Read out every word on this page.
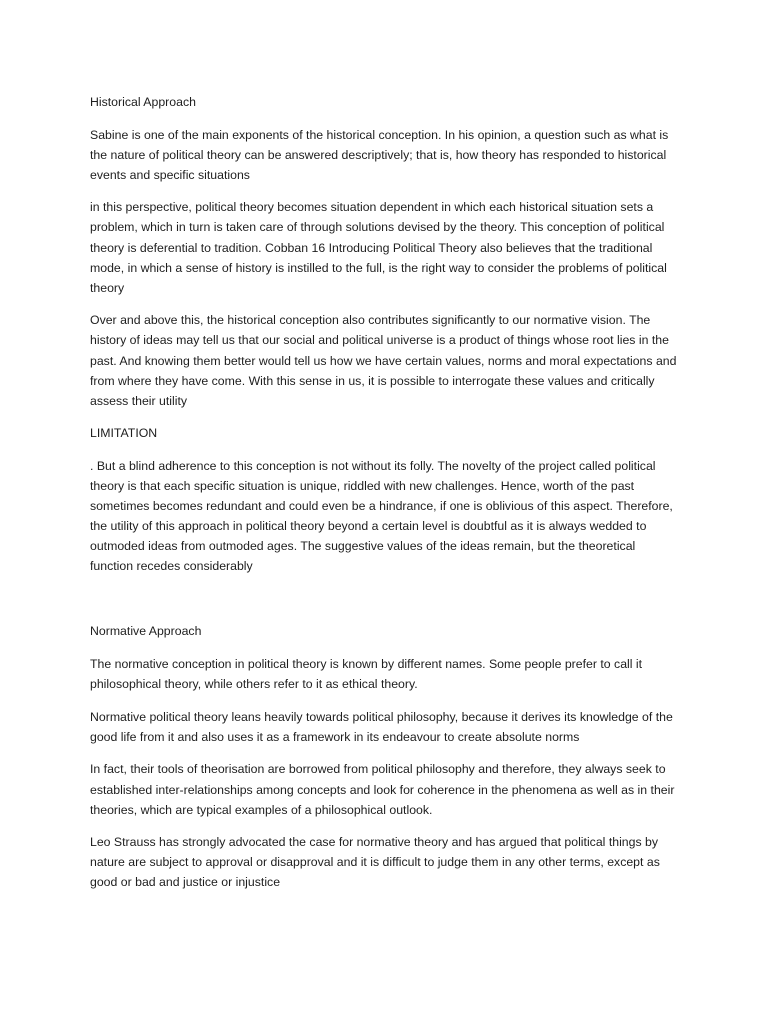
Historical Approach

Sabine is one of the main exponents of the historical conception. In his opinion, a question such as what is the nature of political theory can be answered descriptively; that is, how theory has responded to historical events and specific situations

in this perspective, political theory becomes situation dependent in which each historical situation sets a problem, which in turn is taken care of through solutions devised by the theory. This conception of political theory is deferential to tradition. Cobban 16 Introducing Political Theory also believes that the traditional mode, in which a sense of history is instilled to the full, is the right way to consider the problems of political theory

Over and above this, the historical conception also contributes significantly to our normative vision. The history of ideas may tell us that our social and political universe is a product of things whose root lies in the past. And knowing them better would tell us how we have certain values, norms and moral expectations and from where they have come. With this sense in us, it is possible to interrogate these values and critically assess their utility

LIMITATION

. But a blind adherence to this conception is not without its folly. The novelty of the project called political theory is that each specific situation is unique, riddled with new challenges. Hence, worth of the past sometimes becomes redundant and could even be a hindrance, if one is oblivious of this aspect. Therefore, the utility of this approach in political theory beyond a certain level is doubtful as it is always wedded to outmoded ideas from outmoded ages. The suggestive values of the ideas remain, but the theoretical function recedes considerably

Normative Approach

The normative conception in political theory is known by different names. Some people prefer to call it philosophical theory, while others refer to it as ethical theory.

Normative political theory leans heavily towards political philosophy, because it derives its knowledge of the good life from it and also uses it as a framework in its endeavour to create absolute norms

In fact, their tools of theorisation are borrowed from political philosophy and therefore, they always seek to established inter-relationships among concepts and look for coherence in the phenomena as well as in their theories, which are typical examples of a philosophical outlook.

Leo Strauss has strongly advocated the case for normative theory and has argued that political things by nature are subject to approval or disapproval and it is difficult to judge them in any other terms, except as good or bad and justice or injustice
